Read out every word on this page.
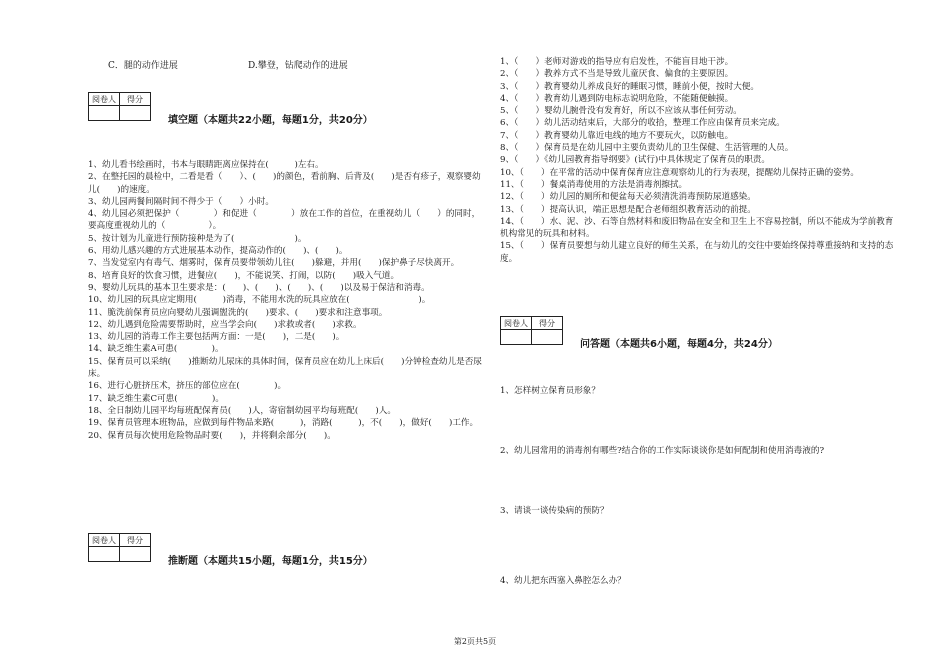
C．腿的动作进展	D.攀登，钻爬动作的进展
阅卷人	得分

填空题（本题共22小题，每题1分，共20分）
1、幼儿看书绘画时，书本与眼睛距离应保持在(　　　)左右。
2、在整托园的晨检中，二看是看（　　）、(　　)的颜色，看前胸、后背及(　　)是否有疹子，观察婴幼儿(　　)的速度。
3、幼儿园两餐间隔时间不得少于（　　）小时。
4、幼儿园必须把保护（　　　　）和促进（　　　　）放在工作的首位，在重视幼儿（　　）的同时，要高度重视幼儿的（　　　　　）。
5、按计划为儿童进行预防接种是为了(　　　　　　　)。
6、用幼儿感兴趣的方式进展基本动作，提高动作的(　　)、(　　)。
7、当发觉室内有毒气、烟雾时，保育员要带领幼儿往(　　)躲避，并用(　　)保护鼻子尽快离开。
8、培育良好的饮食习惯，进餐应(　　)，不能说笑、打闹，以防(　　)吸入气道。
9、婴幼儿玩具的基本卫生要求是：(　　)、(　　)、(　　)、(　　)以及易于保洁和消毒。
10、幼儿园的玩具应定期用(　　　)消毒，不能用水洗的玩具应放在(　　　　　　　　)。
11、脆洗前保育员应向婴幼儿强调盥洗的(　　)要求、(　　)要求和注意事项。
12、幼儿遇到危险需要帮助时，应当学会向(　　)求救或者(　　)求救。
13、幼儿园的消毒工作主要包括两方面：一是(　　)，二是(　　)。
14、缺乏维生素A可患(　　　　)。
15、保育员可以采纳(　　)推断幼儿尿床的具体时间，保育员应在幼儿上床后(　　)分钟检查幼儿是否尿床。
16、进行心脏挤压术，挤压的部位应在(　　　　)。
17、缺乏维生素C可患(　　　　)。
18、全日制幼儿园平均每班配保育员(　　)人，寄宿制幼园平均每班配(　　)人。
19、保育员管理本班物品，应做到每件物品来路(　　　)，消路(　　　)，不(　　)，做好(　　)工作。
20、保育员每次使用危险物品时要(　　)，并将剩余部分(　　)。
阅卷人	得分

推断题（本题共15小题，每题1分，共15分）
1、（　　）老师对游戏的指导应有启发性，不能盲目地干涉。
2、（　　）教养方式不当是导致儿童厌食、偏食的主要原因。
3、（　　）教育婴幼儿养成良好的睡眠习惯，睡前小便，按时大便。
4、（　　）教育幼儿遇到防电标志说明危险，不能随便触摸。
5、（　　）婴幼儿腕骨没有发育好，所以不应该从事任何劳动。
6、（　　）幼儿活动结束后，大部分的收拾，整理工作应由保育员来完成。
7、（　　）教育婴幼儿靠近电线的地方不要玩火，以防触电。
8、（　　）保育员是在幼儿园中主要负责幼儿的卫生保健、生活管理的人员。
9、（　　）《幼儿园教育指导纲要》(试行)中具体规定了保育员的职责。
10、（　　）在平常的活动中保育保育应注意观察幼儿的行为表现，提醒幼儿保持正确的姿势。
11、（　　）餐桌消毒使用的方法是消毒剂擦拭。
12、（　　）幼儿园的厕所和便盆每天必须清洗消毒预防尿道感染。
13、（　　）提高认识，端正思想是配合老师组织教育活动的前提。
14、（　　）水、泥、沙、石等自然材料和废旧物品在安全和卫生上不容易控制，所以不能成为学前教育机构常见的玩具和材料。
15、（　　）保育员要想与幼儿建立良好的师生关系，在与幼儿的交往中要始终保持尊重接纳和支持的态度。
阅卷人	得分

问答题（本题共6小题，每题4分，共24分）
1、怎样树立保育员形象？
2、幼儿园常用的消毒剂有哪些?结合你的工作实际谈谈你是如何配制和使用消毒液的?
3、请谈一谈传染病的预防？
4、幼儿把东西塞入鼻腔怎么办？
第2页共5页
